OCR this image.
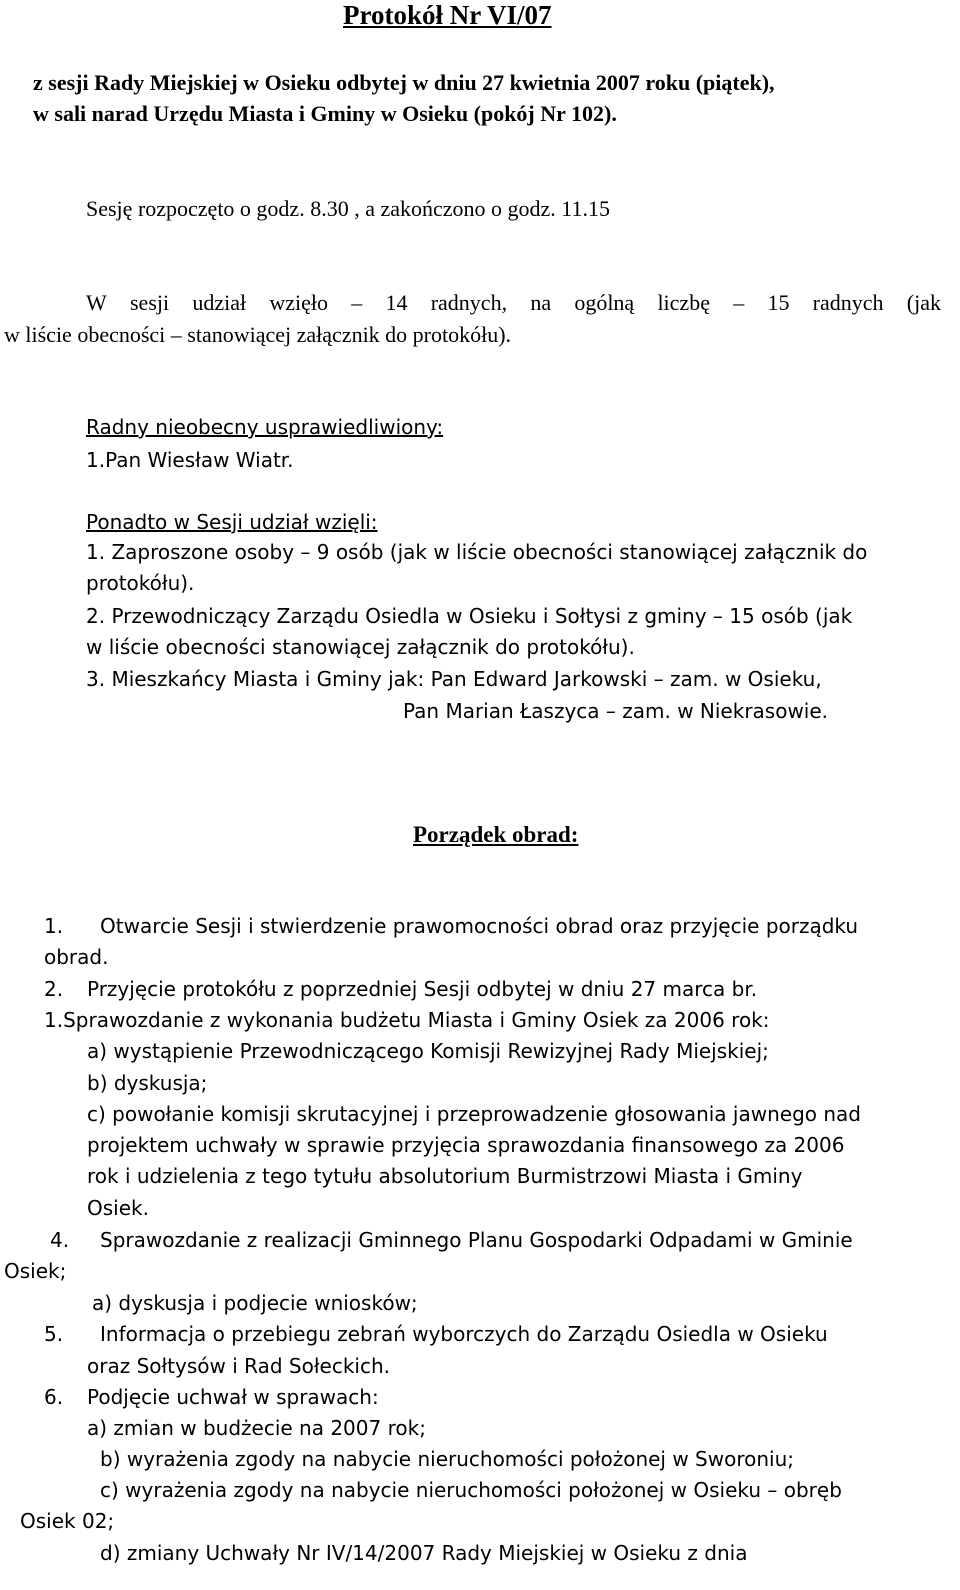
Protokół Nr VI/07
z sesji Rady Miejskiej w Osieku odbytej w dniu 27 kwietnia 2007 roku (piątek),
w sali narad Urzędu Miasta i Gminy w Osieku (pokój Nr 102).
Sesję rozpoczęto o godz. 8.30 , a zakończono o godz. 11.15
W sesji udział wzięło – 14 radnych, na ogólną liczbę – 15 radnych (jak
w liście obecności – stanowiącej załącznik do protokółu).
Radny nieobecny usprawiedliwiony:
1.Pan Wiesław Wiatr.
Ponadto w Sesji udział wzięli:
1. Zaproszone osoby – 9 osób (jak w liście obecności stanowiącej załącznik do
protokółu).
2. Przewodniczący Zarządu Osiedla w Osieku i Sołtysi z gminy – 15 osób (jak
w liście obecności stanowiącej załącznik do protokółu).
3. Mieszkańcy Miasta i Gminy jak: Pan Edward Jarkowski – zam. w Osieku,
Pan Marian Łaszyca – zam. w Niekrasowie.
Porządek obrad:
1. Otwarcie Sesji i stwierdzenie prawomocności obrad oraz przyjęcie porządku
obrad.
2. Przyjęcie protokółu z poprzedniej Sesji odbytej w dniu 27 marca br.
1.Sprawozdanie z wykonania budżetu Miasta i Gminy Osiek za 2006 rok:
a) wystąpienie Przewodniczącego Komisji Rewizyjnej Rady Miejskiej;
b) dyskusja;
c) powołanie komisji skrutacyjnej i przeprowadzenie głosowania jawnego nad
projektem uchwały w sprawie przyjęcia sprawozdania finansowego za 2006
rok i udzielenia z tego tytułu absolutorium Burmistrzowi Miasta i Gminy
Osiek.
4. Sprawozdanie z realizacji Gminnego Planu Gospodarki Odpadami w Gminie
Osiek;
a) dyskusja i podjecie wniosków;
5. Informacja o przebiegu zebrań wyborczych do Zarządu Osiedla w Osieku
oraz Sołtysów i Rad Sołeckich.
6. Podjęcie uchwał w sprawach:
a) zmian w budżecie na 2007 rok;
b) wyrażenia zgody na nabycie nieruchomości położonej w Sworoniu;
c) wyrażenia zgody na nabycie nieruchomości położonej w Osieku – obręb
Osiek 02;
d) zmiany Uchwały Nr IV/14/2007 Rady Miejskiej w Osieku z dnia
